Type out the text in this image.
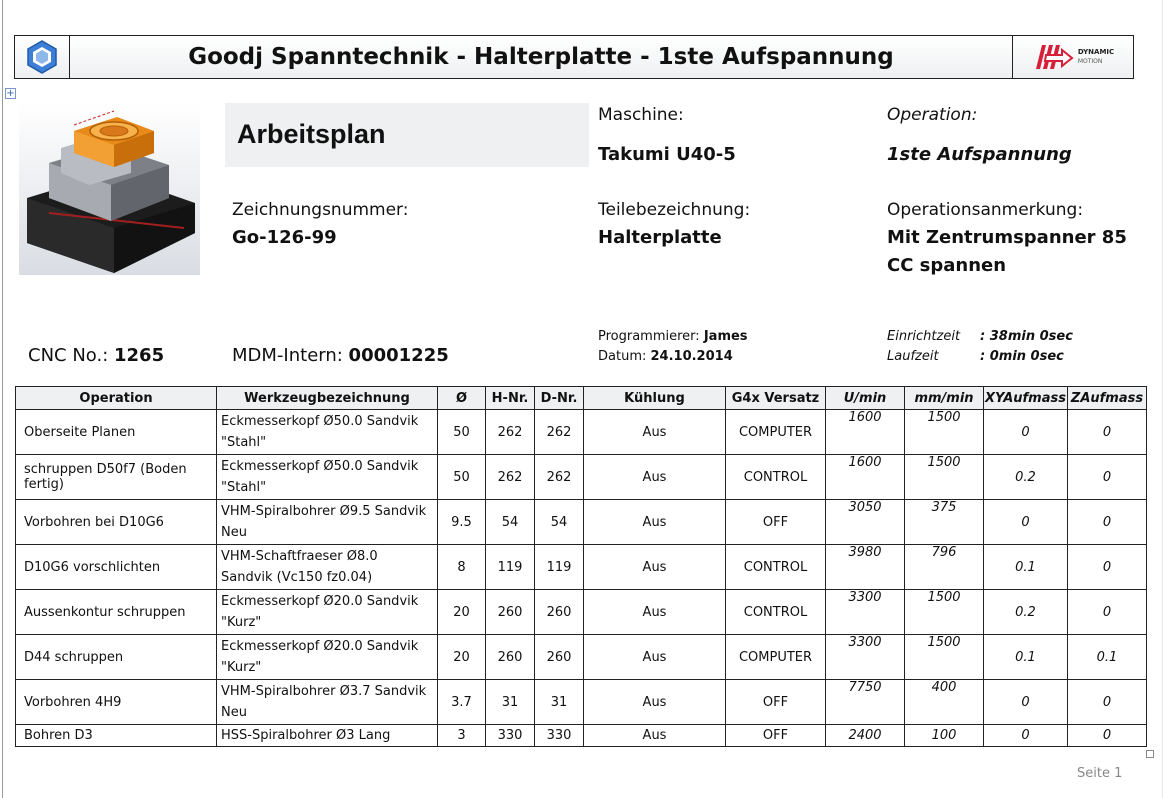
Goodj Spanntechnik - Halterplatte - 1ste Aufspannung	DYNAMIC
MOTION
+
Arbeitsplan
Zeichnungsnummer:
Go-126-99
Maschine:
Takumi U40-5
Teilebezeichnung:
Halterplatte
Operation:
1ste Aufspannung
Operationsanmerkung:
Mit Zentrumspanner 85
CC spannen
CNC No.: 1265	MDM-Intern: 00001225
Programmierer: James
Datum: 24.10.2014
Einrichtzeit : 38min 0sec
Laufzeit	: 0min 0sec
Operation	Werkzeugbezeichnung	Ø	H-Nr.	D-Nr.	Kühlung	G4x Versatz	U/min	mm/min	XYAufmass	ZAufmass
Oberseite Planen	Eckmesserkopf Ø50.0 Sandvik "Stahl"	50	262	262	Aus	COMPUTER	1600	1500	0	0
schruppen D50f7 (Boden fertig)	Eckmesserkopf Ø50.0 Sandvik "Stahl"	50	262	262	Aus	CONTROL	1600	1500	0.2	0
Vorbohren bei D10G6	VHM-Spiralbohrer Ø9.5 Sandvik Neu	9.5	54	54	Aus	OFF	3050	375	0	0
D10G6 vorschlichten	VHM-Schaftfraeser Ø8.0 Sandvik (Vc150 fz0.04)	8	119	119	Aus	CONTROL	3980	796	0.1	0
Aussenkontur schruppen	Eckmesserkopf Ø20.0 Sandvik "Kurz"	20	260	260	Aus	CONTROL	3300	1500	0.2	0
D44 schruppen	Eckmesserkopf Ø20.0 Sandvik "Kurz"	20	260	260	Aus	COMPUTER	3300	1500	0.1	0.1
Vorbohren 4H9	VHM-Spiralbohrer Ø3.7 Sandvik Neu	3.7	31	31	Aus	OFF	7750	400	0	0
Bohren D3	HSS-Spiralbohrer Ø3 Lang	3	330	330	Aus	OFF	2400	100	0	0
Seite 1
